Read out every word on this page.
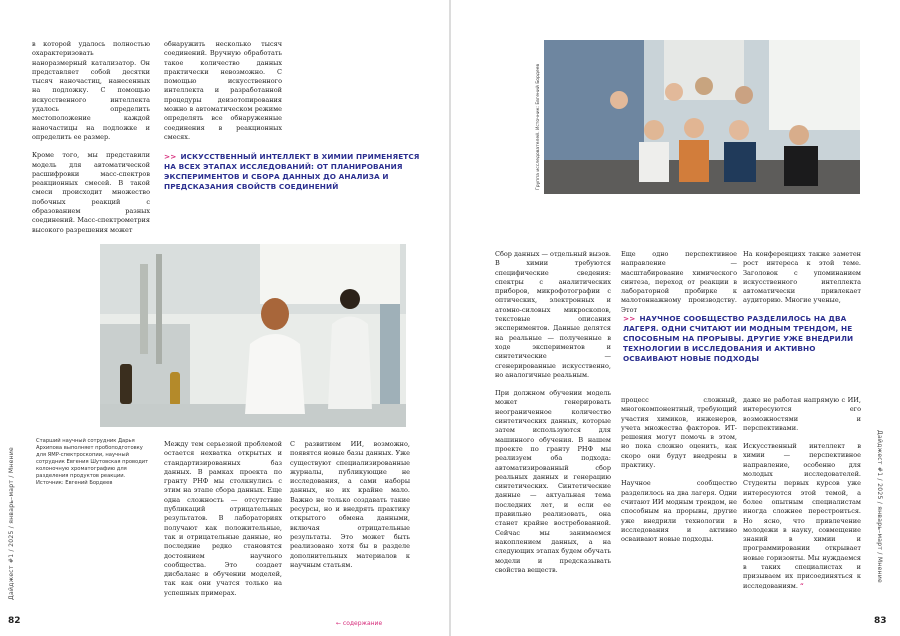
в которой удалось полностью охарактеризовать наноразмерный катализатор. Он представляет собой десятки тысяч наночастиц, нанесенных на подложку. С помощью искусственного интеллекта удалось определить местоположение каждой наночастицы на подложке и определить ее размер.

Кроме того, мы представили модель для автоматической расшифровки масс-спектров реакционных смесей. В такой смеси происходит множество побочных реакций с образованием разных соединений. Масс-спектрометрия высокого разрешения может

обнаружить несколько тысяч соединений. Вручную обработать такое количество данных практически невозможно. С помощью искусственного интеллекта и разработанной процедуры деизотопирования можно в автоматическом режиме определять все обнаруженные соединения в реакционных смесях.

>> ИСКУССТВЕННЫЙ ИНТЕЛЛЕКТ В ХИМИИ ПРИМЕНЯЕТСЯ НА ВСЕХ ЭТАПАХ ИССЛЕДОВАНИЙ: ОТ ПЛАНИРОВАНИЯ ЭКСПЕРИМЕНТОВ И СБОРА ДАННЫХ ДО АНАЛИЗА И ПРЕДСКАЗАНИЯ СВОЙСТВ СОЕДИНЕНИЙ
Старший научный сотрудник Дарья Архипова выполняет пробоподготовку для ЯМР-спектроскопии, научный сотрудник Евгения Шутовская проводит колоночную хроматографию для разделения продуктов реакции. Источник: Евгений Бордеев

Между тем серьезной проблемой остается нехватка открытых и стандартизированных баз данных. В рамках проекта по гранту РНФ мы столкнулись с этим на этапе сбора данных. Еще одна сложность — отсутствие публикаций отрицательных результатов. В лабораториях получают как положительные, так и отрицательные данные, но последние редко становятся достоянием научного сообщества. Это создает дисбаланс в обучении моделей, так как они учатся только на успешных примерах.

С развитием ИИ, возможно, появятся новые базы данных. Уже существуют специализированные журналы, публикующие не исследования, а сами наборы данных, но их крайне мало. Важно не только создавать такие ресурсы, но и внедрять практику открытого обмена данными, включая отрицательные результаты. Это может быть реализовано хотя бы в разделе дополнительных материалов к научным статьям.

Дайджест #1 / 2025 / январь–март / Мнение
82	← содержание
Группа исследователей. Источник: Евгений Бордеев

Сбор данных — отдельный вызов. В химии требуются специфические сведения: спектры с аналитических приборов, микрофотографии с оптических, электронных и атомно-силовых микроскопов, текстовые описания экспериментов. Данные делятся на реальные — полученные в ходе экспериментов и синтетические — сгенерированные искусственно, но аналогичные реальным.

При должном обучении модель может генерировать неограниченное количество синтетических данных, которые затем используются для машинного обучения. В нашем проекте по гранту РНФ мы реализуем оба подхода: автоматизированный сбор реальных данных и генерацию синтетических. Синтетические данные — актуальная тема последних лет, и если ее правильно реализовать, она станет крайне востребованной. Сейчас мы занимаемся накоплением данных, а на следующих этапах будем обучать модели и предсказывать свойства веществ.

Еще одно перспективное направление — масштабирование химического синтеза, переход от реакции в лабораторной пробирке к малотоннажному производству. Этот

На конференциях также заметен рост интереса к этой теме. Заголовок с упоминанием искусственного интеллекта автоматически привлекает аудиторию. Многие ученые,

>> НАУЧНОЕ СООБЩЕСТВО РАЗДЕЛИЛОСЬ НА ДВА ЛАГЕРЯ. ОДНИ СЧИТАЮТ ИИ МОДНЫМ ТРЕНДОМ, НЕ СПОСОБНЫМ НА ПРОРЫВЫ. ДРУГИЕ УЖЕ ВНЕДРИЛИ ТЕХНОЛОГИИ В ИССЛЕДОВАНИЯ И АКТИВНО ОСВАИВАЮТ НОВЫЕ ПОДХОДЫ

процесс сложный, многокомпонентный, требующий участия химиков, инженеров, учета множества факторов. ИТ-решения могут помочь в этом, но пока сложно оценить, как скоро они будут внедрены в практику.

Научное сообщество разделилось на два лагеря. Одни считают ИИ модным трендом, не способным на прорывы, другие уже внедрили технологии в исследования и активно осваивают новые подходы.

даже не работая напрямую с ИИ, интересуются его возможностями и перспективами.

Искусственный интеллект в химии — перспективное направление, особенно для молодых исследователей. Студенты первых курсов уже интересуются этой темой, а более опытным специалистам иногда сложнее перестроиться. Но ясно, что привлечение молодежи в науку, совмещение знаний в химии и программировании открывает новые горизонты. Мы нуждаемся в таких специалистах и призываем их присоединяться к исследованиям. “

Дайджест #1 / 2025 / январь–март / Мнение
83
